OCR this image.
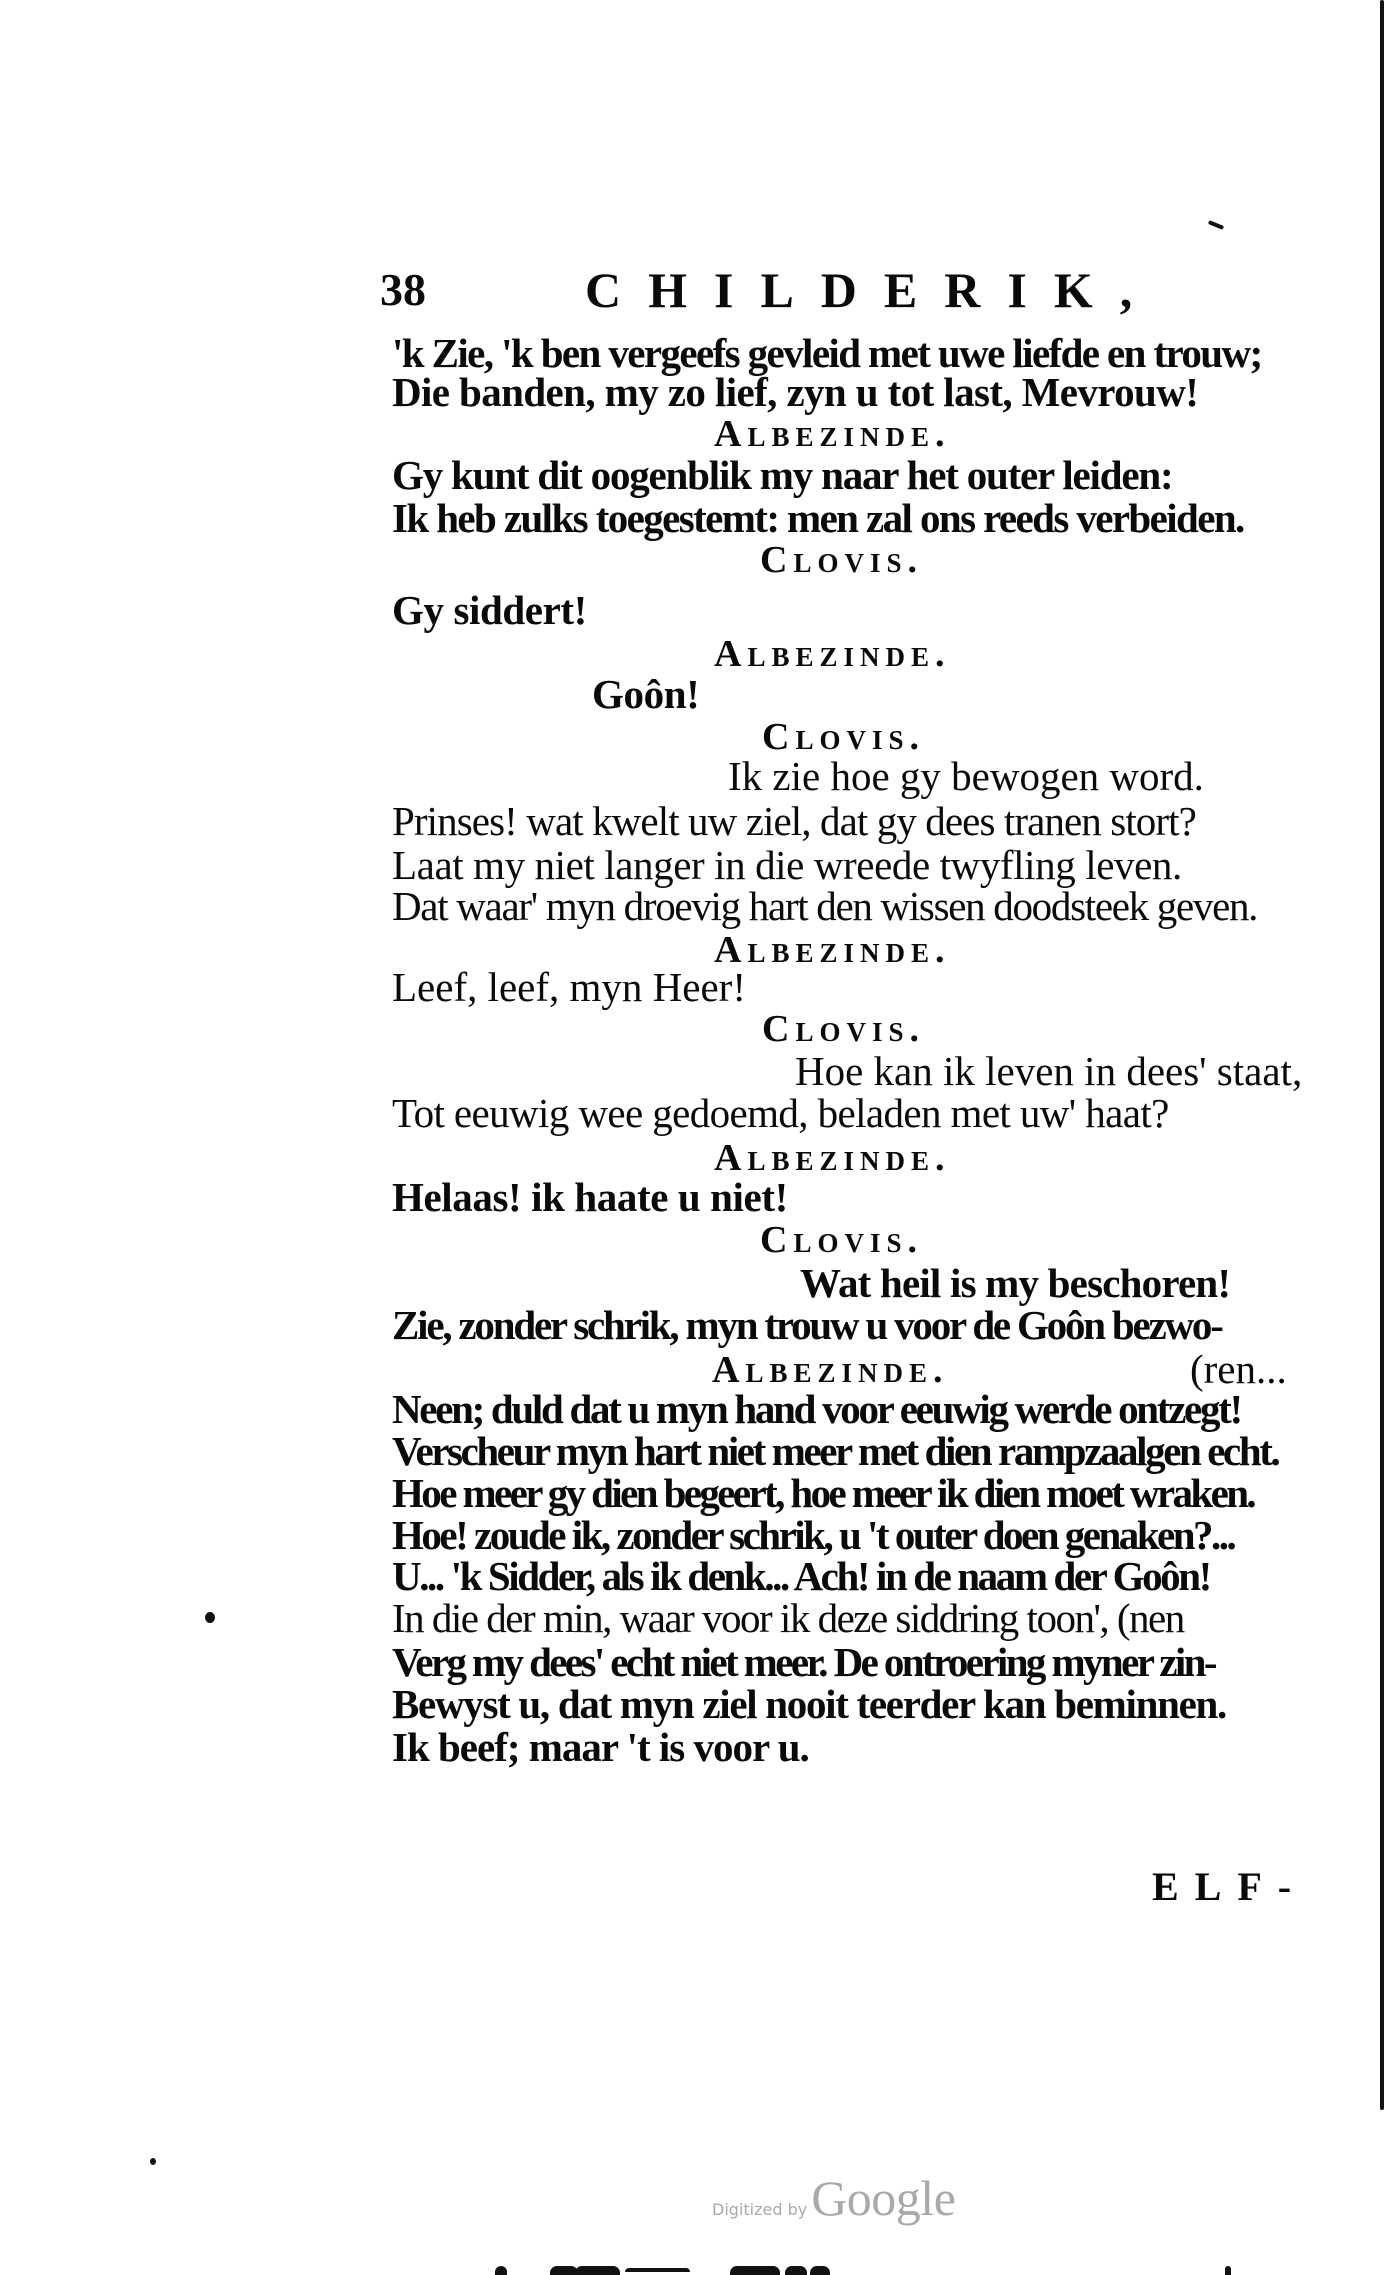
38	CHILDERIK,
'k Zie, 'k ben vergeefs gevleid met uwe liefde en trouw;
Die banden, my zo lief, zyn u tot last, Mevrouw!
Albezinde.
Gy kunt dit oogenblik my naar het outer leiden:
Ik heb zulks toegestemt: men zal ons reeds verbeiden.
Clovis.
Gy siddert!
Albezinde.
Goôn!
Clovis.
Ik zie hoe gy bewogen word.
Prinses! wat kwelt uw ziel, dat gy dees tranen stort?
Laat my niet langer in die wreede twyfling leven.
Dat waar' myn droevig hart den wissen doodsteek geven.
Albezinde.
Leef, leef, myn Heer!
Clovis.
Hoe kan ik leven in dees' staat,
Tot eeuwig wee gedoemd, beladen met uw' haat?
Albezinde.
Helaas! ik haate u niet!
Clovis.
Wat heil is my beschoren!
Zie, zonder schrik, myn trouw u voor de Goôn bezwo-
Albezinde.	(ren...
Neen; duld dat u myn hand voor eeuwig werde ontzegt!
Verscheur myn hart niet meer met dien rampzaalgen echt.
Hoe meer gy dien begeert, hoe meer ik dien moet wraken.
Hoe! zoude ik, zonder schrik, u 't outer doen genaken?...
U... 'k Sidder, als ik denk... Ach! in de naam der Goôn!
In die der min, waar voor ik deze siddring toon', (nen
Verg my dees' echt niet meer. De ontroering myner zin-
Bewyst u, dat myn ziel nooit teerder kan beminnen.
Ik beef; maar 't is voor u.
ELF-
Digitized byGoogle
